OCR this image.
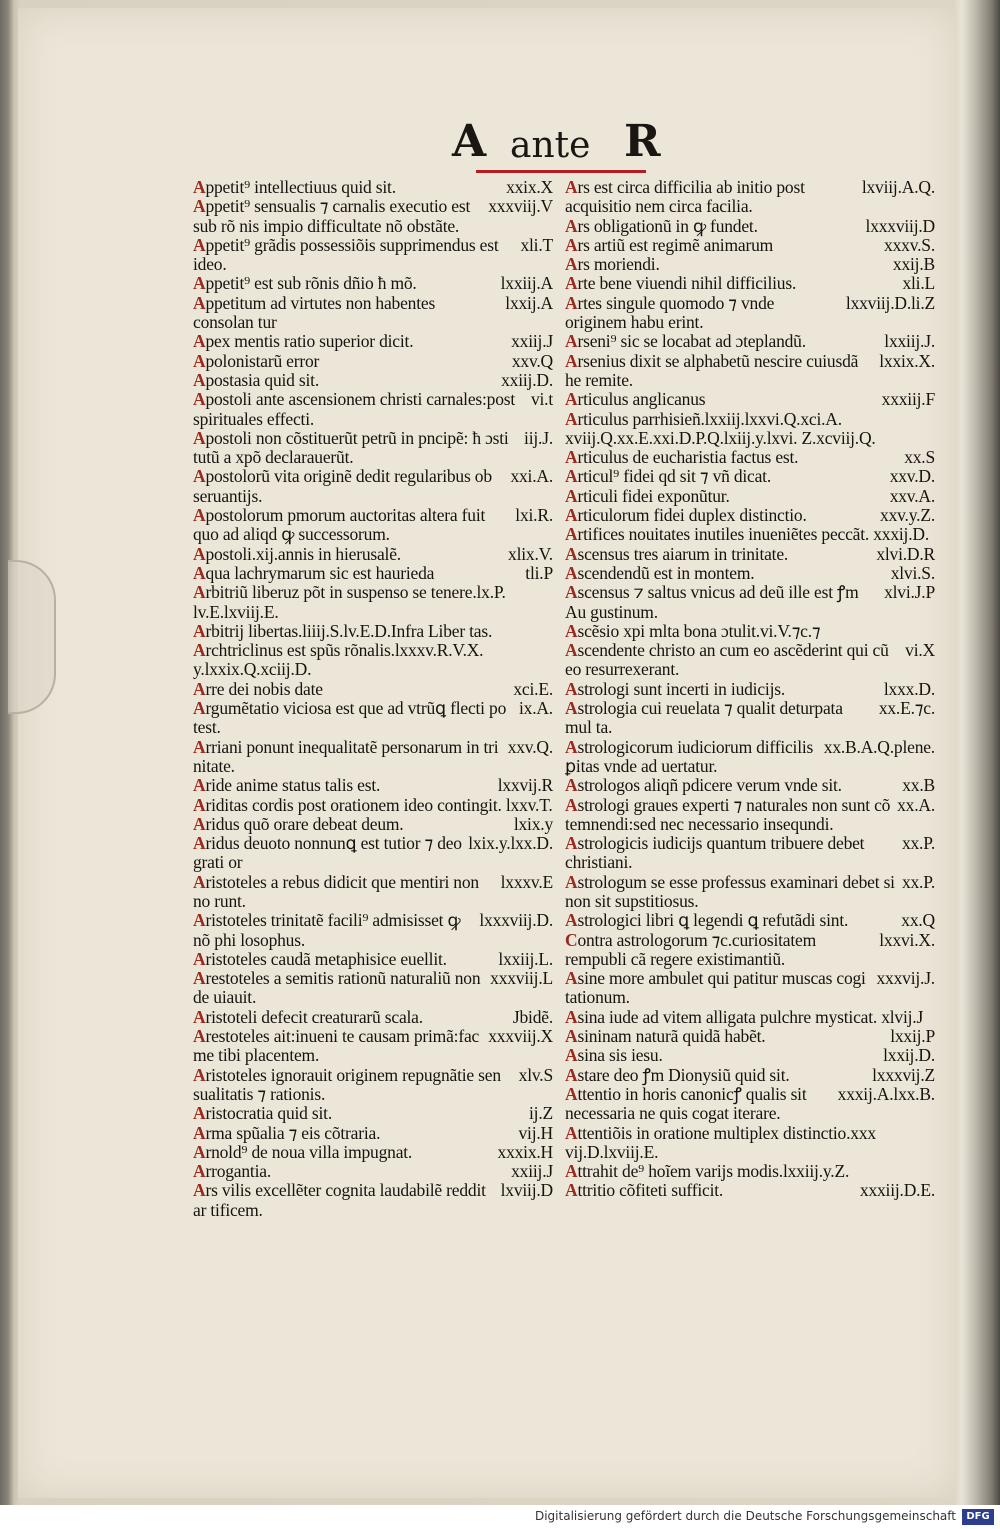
A ante R
xxix.X
Appetit⁹ intellectiuus quid sit.
xxxviij.V
Appetit⁹ sensualis ⁊ carnalis executio est sub rõ nis impio difficultate nõ obstãte.
xli.T
Appetit⁹ grãdis possessiõis supprimendus est ideo.
lxxiij.A
Appetit⁹ est sub rõnis dñio ħ mõ.
lxxij.A
Appetitum ad virtutes non habentes consolan tur
xxiij.J
Apex mentis ratio superior dicit.
xxv.Q
Apolonistarũ error
xxiij.D.
Apostasia quid sit.
vi.t
Apostoli ante ascensionem christi carnales:post spirituales effecti.
iij.J.
Apostoli non cõstituerũt petrũ in pncipẽ: ħ ɔsti tutũ a xpõ declarauerũt.
xxi.A.
Apostolorũ vita originẽ dedit regularibus ob seruantijs.
lxi.R.
Apostolorum pmorum auctoritas altera fuit quo ad aliqd ꝙ successorum.
xlix.V.
Apostoli.xij.annis in hierusalẽ.
tli.P
Aqua lachrymarum sic est haurieda
Arbitriũ liberuz põt in suspenso se tenere.lx.P. lv.E.lxviij.E.
Arbitrij libertas.liiij.S.lv.E.D.Infra Liber tas.
Archtriclinus est spũs rõnalis.lxxxv.R.V.X. y.lxxix.Q.xciij.D.
xci.E.
Arre dei nobis date
ix.A.
Argumẽtatio viciosa est que ad vtrũꝗ flecti po test.
xxv.Q.
Arriani ponunt inequalitatẽ personarum in tri nitate.
lxxvij.R
Aride anime status talis est.
Ariditas cordis post orationem ideo contingit. lxxv.T.
lxix.y
Aridus quõ orare debeat deum.
lxix.y.lxx.D.
Aridus deuoto nonnunꝗ est tutior ⁊ deo grati or
lxxxv.E
Aristoteles a rebus didicit que mentiri non no runt.
lxxxviij.D.
Aristoteles trinitatẽ facili⁹ admisisset ꝙ nõ phi losophus.
lxxiij.L.
Aristoteles caudã metaphisice euellit.
xxxviij.L
Arestoteles a semitis rationũ naturaliũ non de uiauit.
Jbidẽ.
Aristoteli defecit creaturarũ scala.
xxxviij.X
Arestoteles ait:inueni te causam primã:fac me tibi placentem.
xlv.S
Aristoteles ignorauit originem repugnãtie sen sualitatis ⁊ rationis.
ij.Z
Aristocratia quid sit.
vij.H
Arma spũalia ⁊ eis cõtraria.
xxxix.H
Arnold⁹ de noua villa impugnat.
xxiij.J
Arrogantia.
lxviij.D
Ars vilis excellẽter cognita laudabilẽ reddit ar tificem.
lxviij.A.Q.
Ars est circa difficilia ab initio post acquisitio nem circa facilia.
lxxxviij.D
Ars obligationũ in ꝙ fundet.
xxxv.S.
Ars artiũ est regimẽ animarum
xxij.B
Ars moriendi.
xli.L
Arte bene viuendi nihil difficilius.
lxxviij.D.li.Z
Artes singule quomodo ⁊ vnde originem habu erint.
lxxiij.J.
Arseni⁹ sic se locabat ad ɔteplandũ.
lxxix.X.
Arsenius dixit se alphabetũ nescire cuiusdã he remite.
xxxiij.F
Articulus anglicanus
Articulus parrhisieñ.lxxiij.lxxvi.Q.xci.A. xviij.Q.xx.E.xxi.D.P.Q.lxiij.y.lxvi. Z.xcviij.Q.
xx.S
Articulus de eucharistia factus est.
xxv.D.
Articul⁹ fidei qd sit ⁊ vñ dicat.
xxv.A.
Articuli fidei exponũtur.
xxv.y.Z.
Articulorum fidei duplex distinctio.
Artifices nouitates inutiles inueniẽtes peccãt. xxxij.D.
xlvi.D.R
Ascensus tres aiarum in trinitate.
xlvi.S.
Ascendendũ est in montem.
xlvi.J.P
Ascensus ⁊ saltus vnicus ad deũ ille est ꝭm Au gustinum.
Ascẽsio xpi mlta bona ɔtulit.vi.V.⁊c.⁊
vi.X
Ascendente christo an cum eo ascẽderint qui cũ eo resurrexerant.
lxxx.D.
Astrologi sunt incerti in iudicijs.
xx.E.⁊c.
Astrologia cui reuelata ⁊ qualit deturpata mul ta.
xx.B.A.Q.plene.
Astrologicorum iudiciorum difficilis ꝑitas vnde ad uertatur.
xx.B
Astrologos aliqñ pdicere verum vnde sit.
xx.A.
Astrologi graues experti ⁊ naturales non sunt cõ temnendi:sed nec necessario insequndi.
xx.P.
Astrologicis iudicijs quantum tribuere debet christiani.
xx.P.
Astrologum se esse professus examinari debet si non sit supstitiosus.
xx.Q
Astrologici libri ꝗ legendi ꝗ refutãdi sint.
lxxvi.X.
Contra astrologorum ⁊c.curiositatem rempubli cã regere existimantiũ.
xxxvij.J.
Asine more ambulet qui patitur muscas cogi tationum.
Asina iude ad vitem alligata pulchre mysticat. xlvij.J
lxxij.P
Asininam naturã quidã habẽt.
lxxij.D.
Asina sis iesu.
lxxxvij.Z
Astare deo ꝭm Dionysiũ quid sit.
xxxij.A.lxx.B.
Attentio in horis canonicꝭ qualis sit necessaria ne quis cogat iterare.
Attentiõis in oratione multiplex distinctio.xxx vij.D.lxviij.E.
Attrahit de⁹ hoĩem varijs modis.lxxiij.y.Z.
xxxiij.D.E.
Attritio cõfiteti sufficit.
Digitalisierung gefördert durch die Deutsche Forschungsgemeinschaft	DFG
